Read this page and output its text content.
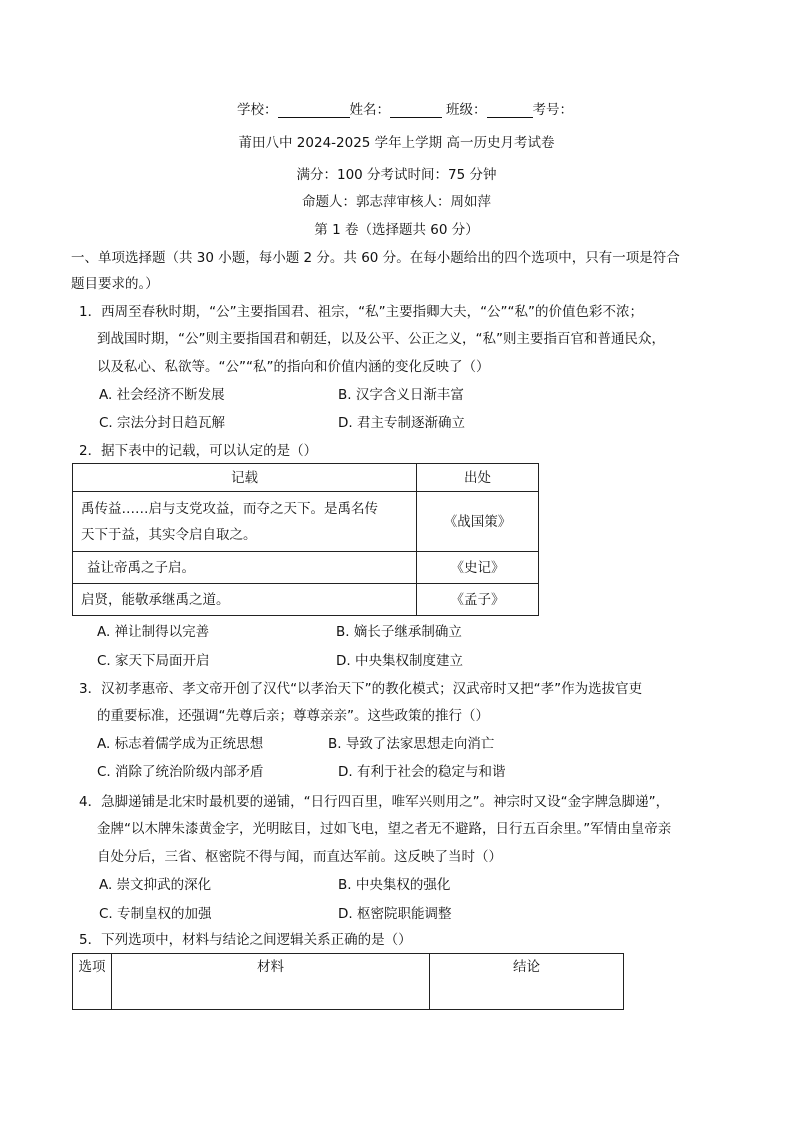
学校：	姓名：	班级：	考号：
莆田八中 2024-2025 学年上学期 高一历史月考试卷
满分：100 分考试时间：75 分钟
命题人：郭志萍审核人：周如萍
第 1 卷（选择题共 60 分）
一、单项选择题（共 30 小题，每小题 2 分。共 60 分。在每小题给出的四个选项中，只有一项是符合
题目要求的。）
1．西周至春秋时期，“公”主要指国君、祖宗，“私”主要指卿大夫，“公”“私”的价值色彩不浓；
到战国时期，“公”则主要指国君和朝廷，以及公平、公正之义，“私”则主要指百官和普通民众，
以及私心、私欲等。“公”“私”的指向和价值内涵的变化反映了（）
A. 社会经济不断发展	B. 汉字含义日渐丰富
C. 宗法分封日趋瓦解	D. 君主专制逐渐确立
2．据下表中的记载，可以认定的是（）
记载	出处

禹传益……启与支党攻益，而夺之天下。是禹名传
天下于益，其实令启自取之。	《战国策》
益让帝禹之子启。	《史记》
启贤，能敬承继禹之道。	《孟子》
A. 禅让制得以完善	B. 嫡长子继承制确立
C. 家天下局面开启	D. 中央集权制度建立
3．汉初孝惠帝、孝文帝开创了汉代“以孝治天下”的教化模式；汉武帝时又把“孝”作为选拔官吏
的重要标准，还强调“先尊后亲；尊尊亲亲”。这些政策的推行（）
A. 标志着儒学成为正统思想	B. 导致了法家思想走向消亡
C. 消除了统治阶级内部矛盾	D. 有利于社会的稳定与和谐
4．急脚递铺是北宋时最机要的递铺，“日行四百里，唯军兴则用之”。神宗时又设“金字牌急脚递”，
金牌“以木牌朱漆黄金字，光明眩目，过如飞电，望之者无不避路，日行五百余里。”军情由皇帝亲
自处分后，三省、枢密院不得与闻，而直达军前。这反映了当时（）
A. 崇文抑武的深化	B. 中央集权的强化
C. 专制皇权的加强	D. 枢密院职能调整
5．下列选项中，材料与结论之间逻辑关系正确的是（）
选项	材料	结论
